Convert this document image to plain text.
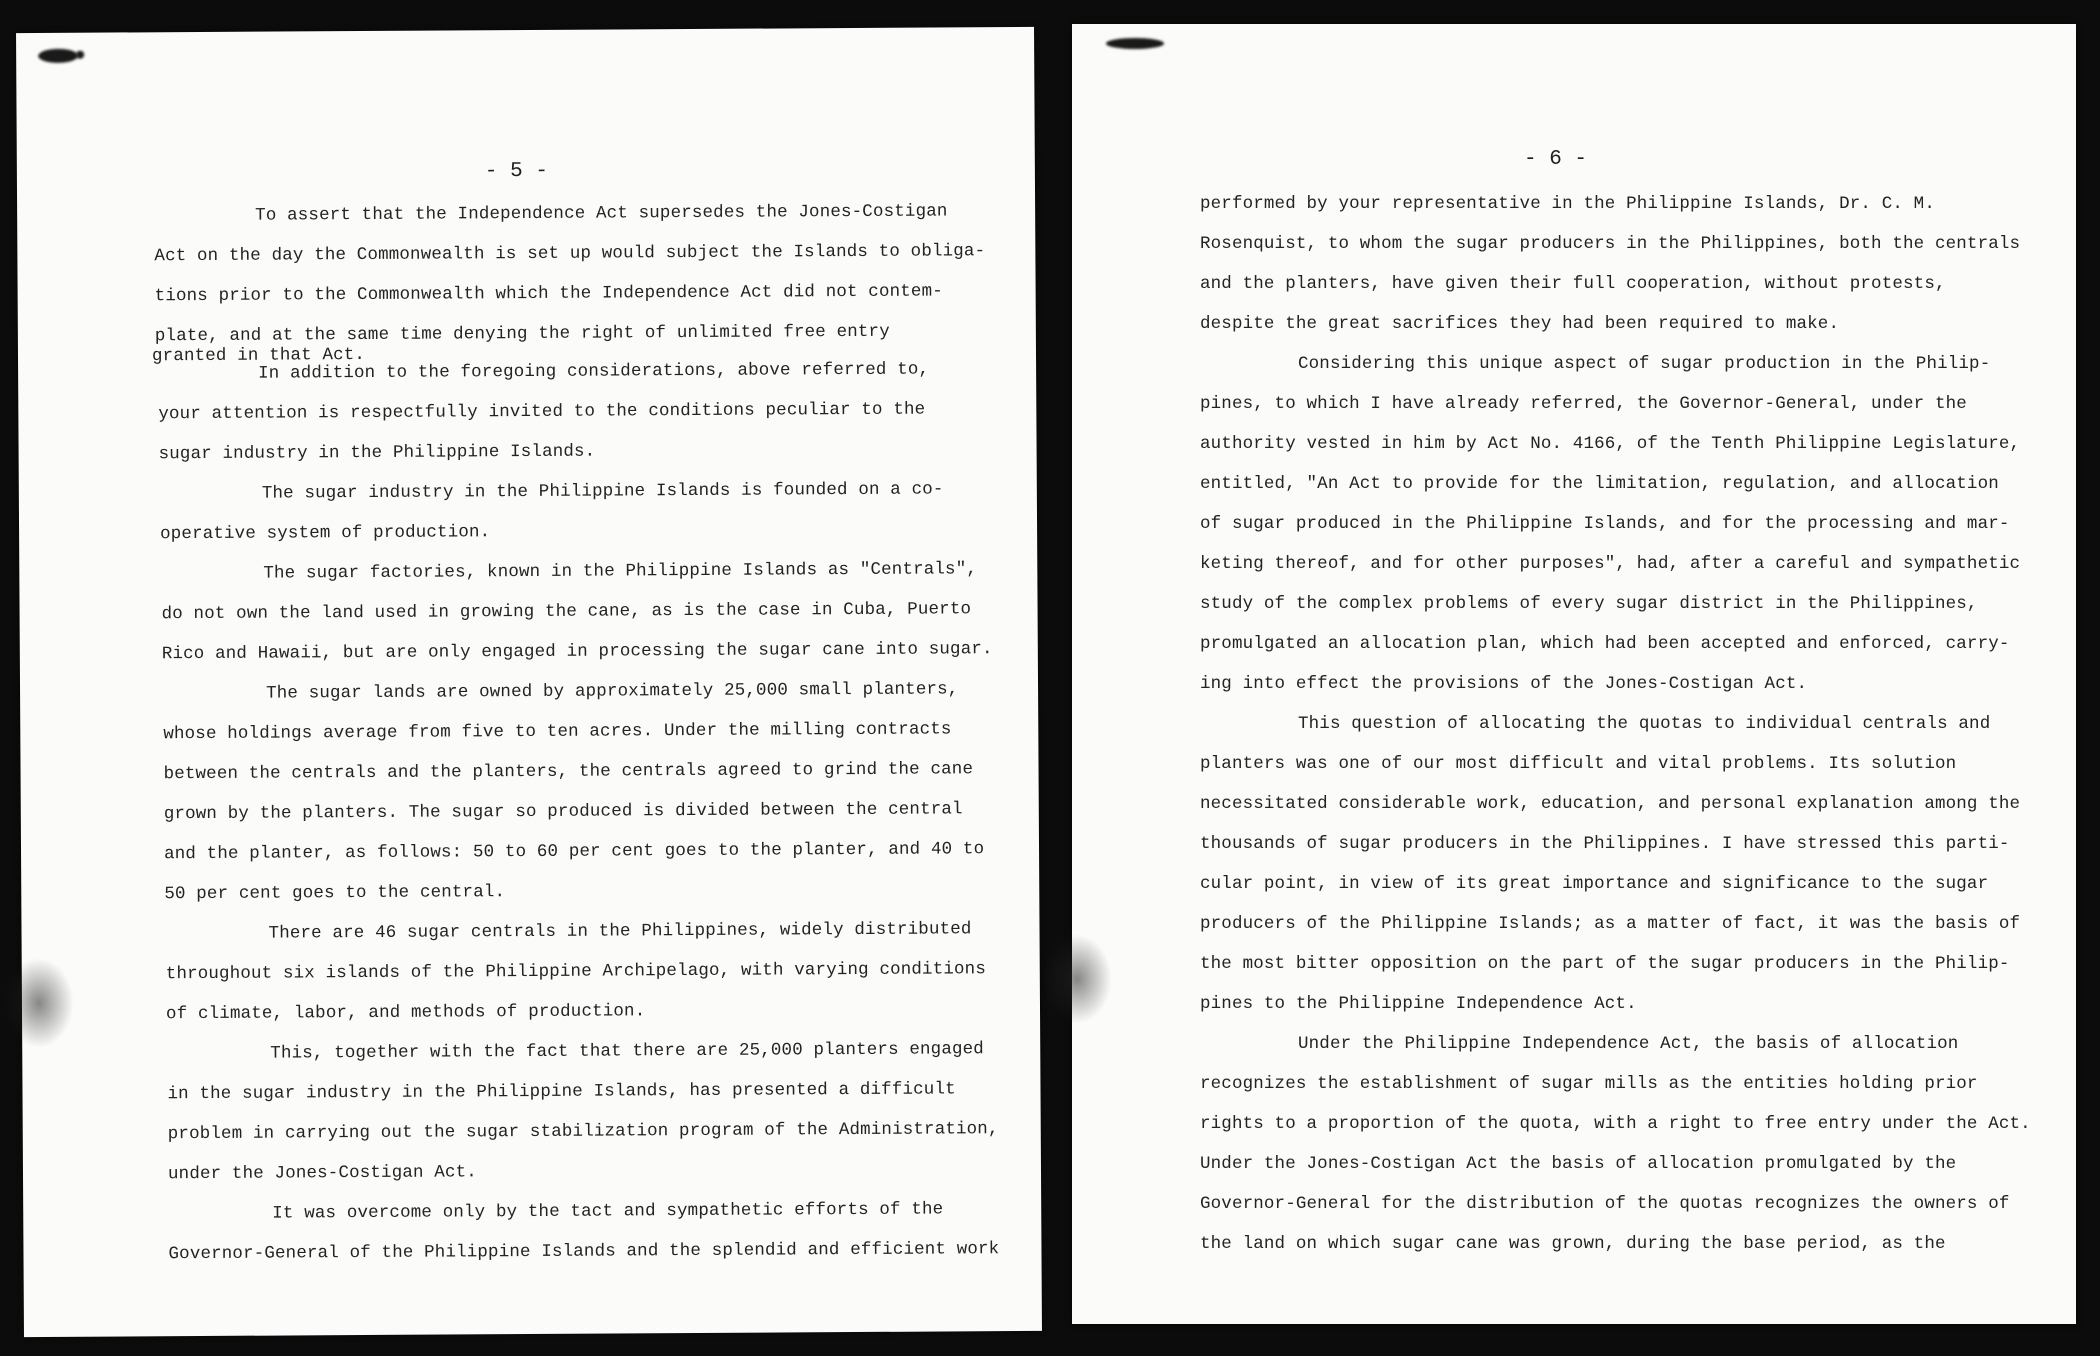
- 5 -
To assert that the Independence Act supersedes the Jones-Costigan
Act on the day the Commonwealth is set up would subject the Islands to obliga-
tions prior to the Commonwealth which the Independence Act did not contem-
plate, and at the same time denying the right of unlimited free entry
granted in that Act.
In addition to the foregoing considerations, above referred to,
your attention is respectfully invited to the conditions peculiar to the
sugar industry in the Philippine Islands.
The sugar industry in the Philippine Islands is founded on a co-
operative system of production.
The sugar factories, known in the Philippine Islands as "Centrals",
do not own the land used in growing the cane, as is the case in Cuba, Puerto
Rico and Hawaii, but are only engaged in processing the sugar cane into sugar.
The sugar lands are owned by approximately 25,000 small planters,
whose holdings average from five to ten acres. Under the milling contracts
between the centrals and the planters, the centrals agreed to grind the cane
grown by the planters. The sugar so produced is divided between the central
and the planter, as follows: 50 to 60 per cent goes to the planter, and 40 to
50 per cent goes to the central.
There are 46 sugar centrals in the Philippines, widely distributed
throughout six islands of the Philippine Archipelago, with varying conditions
of climate, labor, and methods of production.
This, together with the fact that there are 25,000 planters engaged
in the sugar industry in the Philippine Islands, has presented a difficult
problem in carrying out the sugar stabilization program of the Administration,
under the Jones-Costigan Act.
It was overcome only by the tact and sympathetic efforts of the
Governor-General of the Philippine Islands and the splendid and efficient work
- 6 -
performed by your representative in the Philippine Islands, Dr. C. M.
Rosenquist, to whom the sugar producers in the Philippines, both the centrals
and the planters, have given their full cooperation, without protests,
despite the great sacrifices they had been required to make.
Considering this unique aspect of sugar production in the Philip-
pines, to which I have already referred, the Governor-General, under the
authority vested in him by Act No. 4166, of the Tenth Philippine Legislature,
entitled, "An Act to provide for the limitation, regulation, and allocation
of sugar produced in the Philippine Islands, and for the processing and mar-
keting thereof, and for other purposes", had, after a careful and sympathetic
study of the complex problems of every sugar district in the Philippines,
promulgated an allocation plan, which had been accepted and enforced, carry-
ing into effect the provisions of the Jones-Costigan Act.
This question of allocating the quotas to individual centrals and
planters was one of our most difficult and vital problems. Its solution
necessitated considerable work, education, and personal explanation among the
thousands of sugar producers in the Philippines. I have stressed this parti-
cular point, in view of its great importance and significance to the sugar
producers of the Philippine Islands; as a matter of fact, it was the basis of
the most bitter opposition on the part of the sugar producers in the Philip-
pines to the Philippine Independence Act.
Under the Philippine Independence Act, the basis of allocation
recognizes the establishment of sugar mills as the entities holding prior
rights to a proportion of the quota, with a right to free entry under the Act.
Under the Jones-Costigan Act the basis of allocation promulgated by the
Governor-General for the distribution of the quotas recognizes the owners of
the land on which sugar cane was grown, during the base period, as the
